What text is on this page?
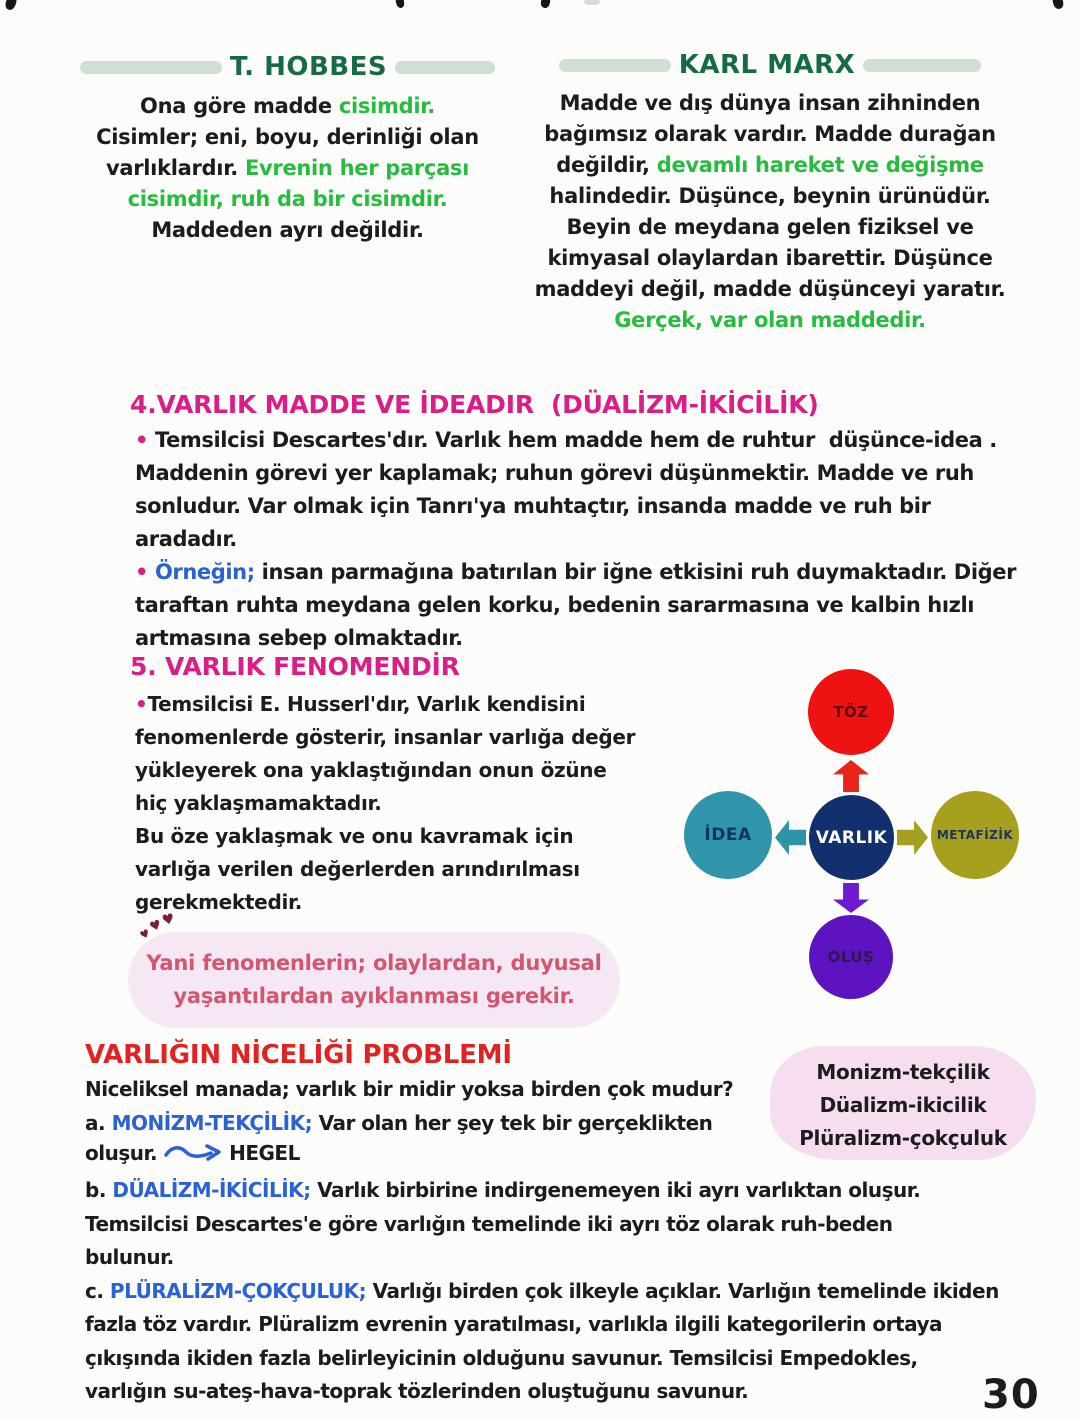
T. HOBBES
Ona göre madde cisimdir.
Cisimler; eni, boyu, derinliği olan
varlıklardır. Evrenin her parçası
cisimdir, ruh da bir cisimdir.
Maddeden ayrı değildir.
KARL MARX
Madde ve dış dünya insan zihninden
bağımsız olarak vardır. Madde durağan
değildir, devamlı hareket ve değişme
halindedir. Düşünce, beynin ürünüdür.
Beyin de meydana gelen fiziksel ve
kimyasal olaylardan ibarettir. Düşünce
maddeyi değil, madde düşünceyi yaratır.
Gerçek, var olan maddedir.
4.VARLIK MADDE VE İDEADIR  (DÜALİZM-İKİCİLİK)
• Temsilcisi Descartes'dır. Varlık hem madde hem de ruhtur  düşünce-idea .
Maddenin görevi yer kaplamak; ruhun görevi düşünmektir. Madde ve ruh
sonludur. Var olmak için Tanrı'ya muhtaçtır, insanda madde ve ruh bir
aradadır.
• Örneğin; insan parmağına batırılan bir iğne etkisini ruh duymaktadır. Diğer
taraftan ruhta meydana gelen korku, bedenin sararmasına ve kalbin hızlı
artmasına sebep olmaktadır.
5. VARLIK FENOMENDİR
•Temsilcisi E. Husserl'dır, Varlık kendisini
fenomenlerde gösterir, insanlar varlığa değer
yükleyerek ona yaklaştığından onun özüne
hiç yaklaşmamaktadır.
Bu öze yaklaşmak ve onu kavramak için
varlığa verilen değerlerden arındırılması
gerekmektedir.
TÖZ
İDEA	VARLIK	METAFİZİK
OLUŞ
♥
♥
♥
Yani fenomenlerin; olaylardan, duyusal
yaşantılardan ayıklanması gerekir.
VARLIĞIN NİCELİĞİ PROBLEMİ
Niceliksel manada; varlık bir midir yoksa birden çok mudur?
a. MONİZM-TEKÇİLİK; Var olan her şey tek bir gerçeklikten
oluşur.	HEGEL
b. DÜALİZM-İKİCİLİK; Varlık birbirine indirgenemeyen iki ayrı varlıktan oluşur.
Temsilcisi Descartes'e göre varlığın temelinde iki ayrı töz olarak ruh-beden
bulunur.
c. PLÜRALİZM-ÇOKÇULUK; Varlığı birden çok ilkeyle açıklar. Varlığın temelinde ikiden
fazla töz vardır. Plüralizm evrenin yaratılması, varlıkla ilgili kategorilerin ortaya
çıkışında ikiden fazla belirleyicinin olduğunu savunur. Temsilcisi Empedokles,
varlığın su-ateş-hava-toprak tözlerinden oluştuğunu savunur.
Monizm-tekçilik
Düalizm-ikicilik
Plüralizm-çokçuluk
30
